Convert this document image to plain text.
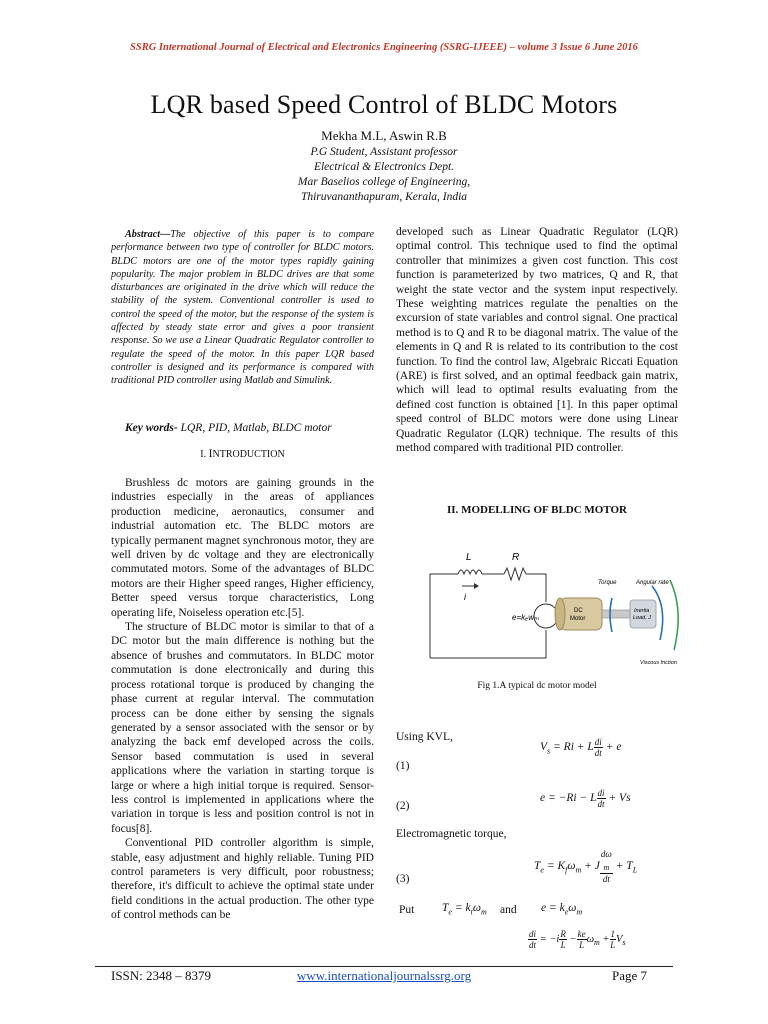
SSRG International Journal of Electrical and Electronics Engineering (SSRG-IJEEE) – volume 3 Issue 6 June 2016
LQR based Speed Control of BLDC Motors
Mekha M.L, Aswin R.B
P.G Student, Assistant professor
Electrical & Electronics Dept.
Mar Baselios college of Engineering,
Thiruvananthapuram, Kerala, India
Abstract—The objective of this paper is to compare performance between two type of controller for BLDC motors. BLDC motors are one of the motor types rapidly gaining popularity. The major problem in BLDC drives are that some disturbances are originated in the drive which will reduce the stability of the system. Conventional controller is used to control the speed of the motor, but the response of the system is affected by steady state error and gives a poor transient response. So we use a Linear Quadratic Regulator controller to regulate the speed of the motor. In this paper LQR based controller is designed and its performance is compared with traditional PID controller using Matlab and Simulink.
Key words- LQR, PID, Matlab, BLDC motor
I. INTRODUCTION

Brushless dc motors are gaining grounds in the industries especially in the areas of appliances production medicine, aeronautics, consumer and industrial automation etc. The BLDC motors are typically permanent magnet synchronous motor, they are well driven by dc voltage and they are electronically commutated motors. Some of the advantages of BLDC motors are their Higher speed ranges, Higher efficiency, Better speed versus torque characteristics, Long operating life, Noiseless operation etc.[5].

The structure of BLDC motor is similar to that of a DC motor but the main difference is nothing but the absence of brushes and commutators. In BLDC motor commutation is done electronically and during this process rotational torque is produced by changing the phase current at regular interval. The commutation process can be done either by sensing the signals generated by a sensor associated with the sensor or by analyzing the back emf developed across the coils. Sensor based commutation is used in several applications where the variation in starting torque is large or where a high initial torque is required. Sensor-less control is implemented in applications where the variation in torque is less and position control is not in focus[8].

Conventional PID controller algorithm is simple, stable, easy adjustment and highly reliable. Tuning PID control parameters is very difficult, poor robustness; therefore, it's difficult to achieve the optimal state under field conditions in the actual production. The other type of control methods can be

developed such as Linear Quadratic Regulator (LQR) optimal control. This technique used to find the optimal controller that minimizes a given cost function. This cost function is parameterized by two matrices, Q and R, that weight the state vector and the system input respectively. These weighting matrices regulate the penalties on the excursion of state variables and control signal. One practical method is to Q and R to be diagonal matrix. The value of the elements in Q and R is related to its contribution to the cost function. To find the control law, Algebraic Riccati Equation (ARE) is first solved, and an optimal feedback gain matrix, which will lead to optimal results evaluating from the defined cost function is obtained [1]. In this paper optimal speed control of BLDC motors were done using Linear Quadratic Regulator (LQR) technique. The results of this method compared with traditional PID controller.

II. MODELLING OF BLDC MOTOR
L	R
i
e=kₑwₘ
DC
Motor
Inertia
Load, J
Torque	Angular rate
Viscous friction
Fig 1.A typical dc motor model
Using KVL,
$V_s = Ri + L \frac{di}{dt} + e$
(1)
e = −Ri − L $\frac{di}{dt} + Vs$
(2)
Electromagnetic torque,
$T_e = K_f\omega_m + J$ dω
$_m$
dt + $T_L$
(3)
Put $T_e = k_t\omega_m$ and $e = k_e\omega_m$
$\frac{di}{dt} = -i \frac{R}{L} - \frac{ke}{L} \omega_m + \frac{1}{L} V_s$
ISSN: 2348 – 8379	www.internationaljournalssrg.org	Page 7
